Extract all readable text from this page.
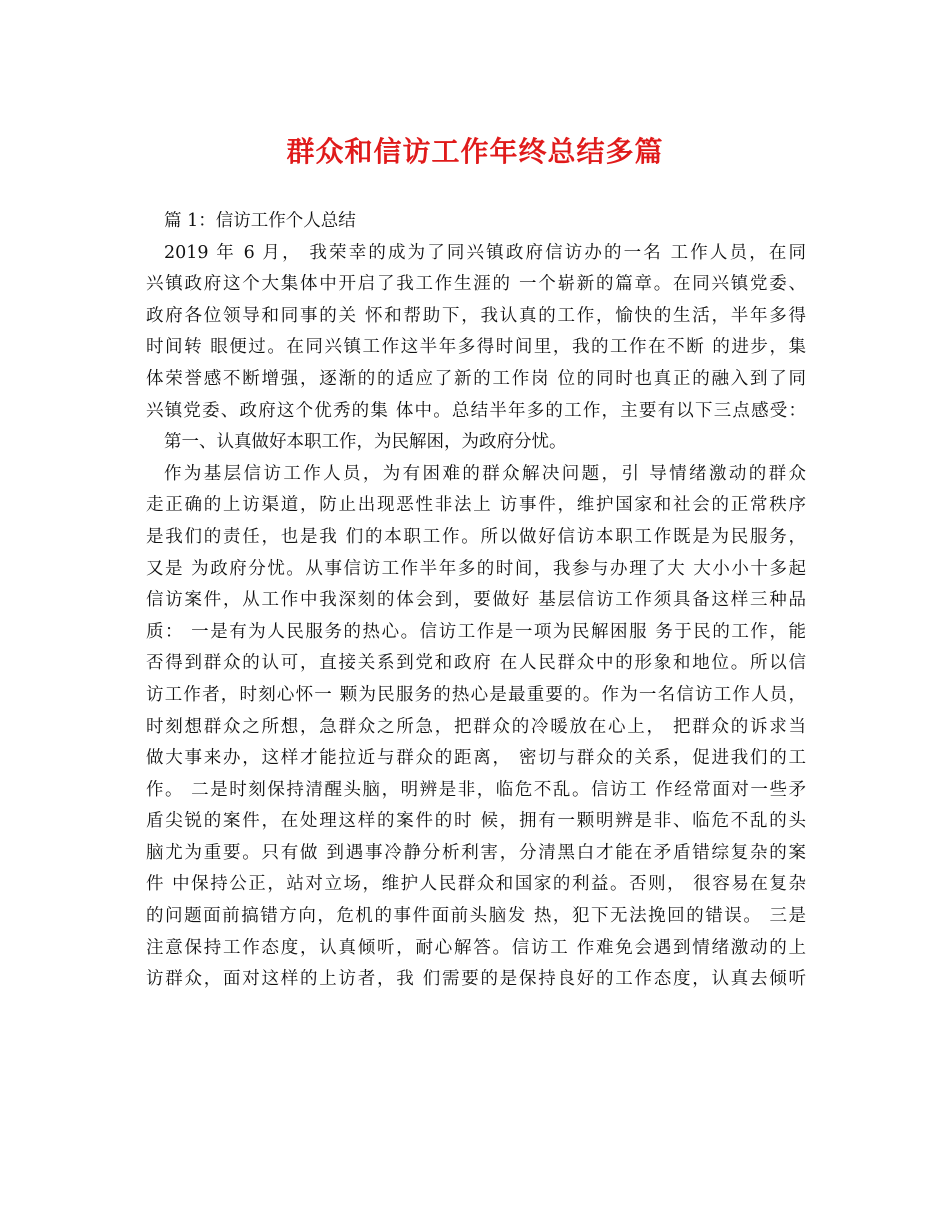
群众和信访工作年终总结多篇
篇 1：信访工作个人总结
2019 年 6 月， 我荣幸的成为了同兴镇政府信访办的一名 工作人员，在同
兴镇政府这个大集体中开启了我工作生涯的 一个崭新的篇章。在同兴镇党委、
政府各位领导和同事的关 怀和帮助下，我认真的工作，愉快的生活，半年多得
时间转 眼便过。在同兴镇工作这半年多得时间里，我的工作在不断 的进步，集
体荣誉感不断增强，逐渐的的适应了新的工作岗 位的同时也真正的融入到了同
兴镇党委、政府这个优秀的集 体中。总结半年多的工作，主要有以下三点感受：
第一、认真做好本职工作，为民解困，为政府分忧。
作为基层信访工作人员，为有困难的群众解决问题，引 导情绪激动的群众
走正确的上访渠道，防止出现恶性非法上 访事件，维护国家和社会的正常秩序
是我们的责任，也是我 们的本职工作。所以做好信访本职工作既是为民服务，
又是 为政府分忧。从事信访工作半年多的时间，我参与办理了大 大小小十多起
信访案件，从工作中我深刻的体会到，要做好 基层信访工作须具备这样三种品
质： 一是有为人民服务的热心。信访工作是一项为民解困服 务于民的工作，能
否得到群众的认可，直接关系到党和政府 在人民群众中的形象和地位。所以信
访工作者，时刻心怀一 颗为民服务的热心是最重要的。作为一名信访工作人员，
时刻想群众之所想，急群众之所急，把群众的冷暖放在心上， 把群众的诉求当
做大事来办，这样才能拉近与群众的距离， 密切与群众的关系，促进我们的工
作。 二是时刻保持清醒头脑，明辨是非，临危不乱。信访工 作经常面对一些矛
盾尖锐的案件，在处理这样的案件的时 候，拥有一颗明辨是非、临危不乱的头
脑尤为重要。只有做 到遇事冷静分析利害，分清黑白才能在矛盾错综复杂的案
件 中保持公正，站对立场，维护人民群众和国家的利益。否则， 很容易在复杂
的问题面前搞错方向，危机的事件面前头脑发 热，犯下无法挽回的错误。 三是
注意保持工作态度，认真倾听，耐心解答。信访工 作难免会遇到情绪激动的上
访群众，面对这样的上访者，我 们需要的是保持良好的工作态度，认真去倾听
